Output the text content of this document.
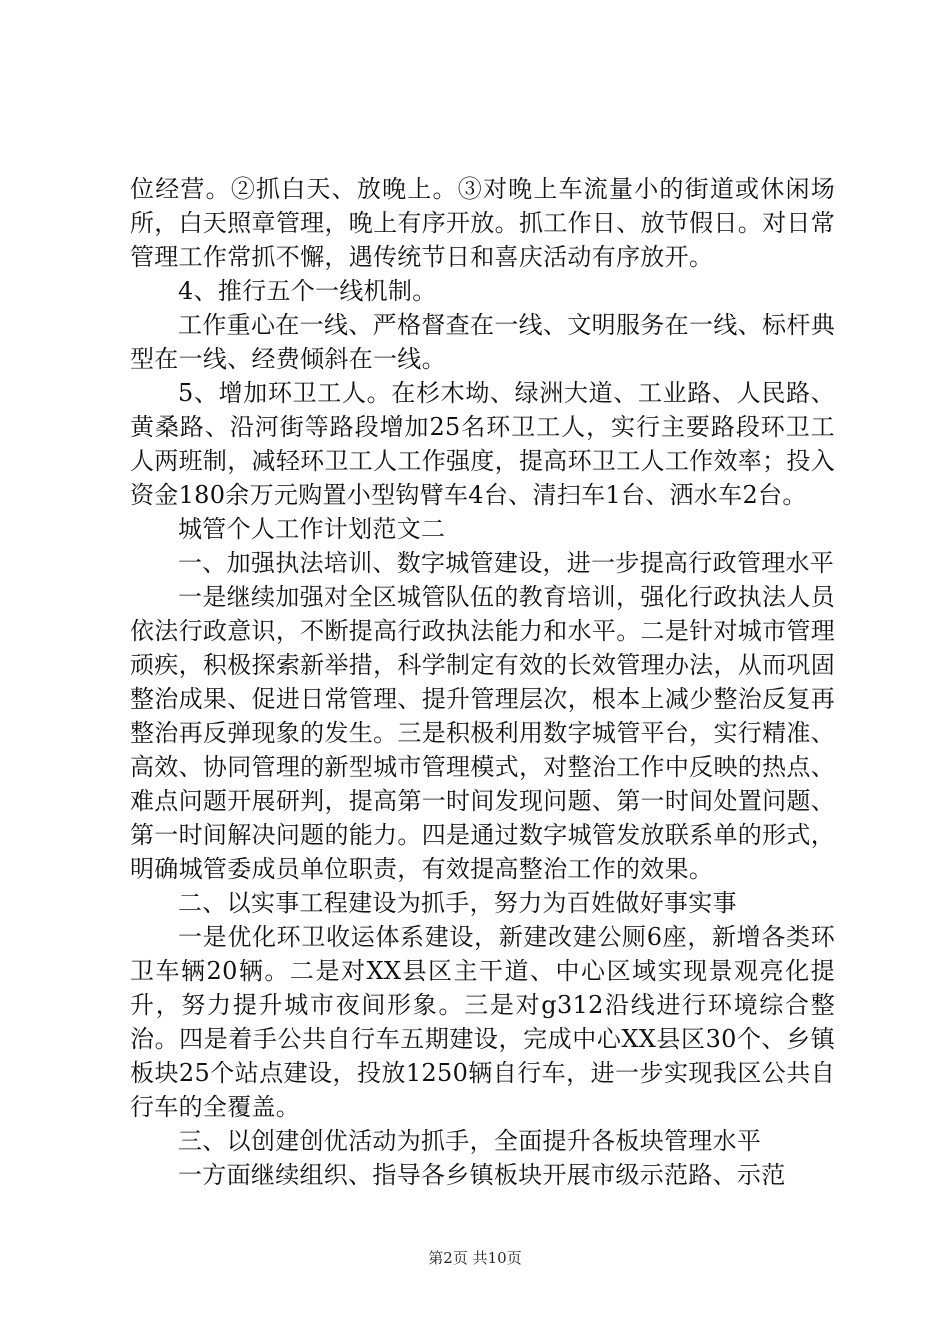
位经营。②抓白天、放晚上。③对晚上车流量小的街道或休闲场所，白天照章管理，晚上有序开放。抓工作日、放节假日。对日常管理工作常抓不懈，遇传统节日和喜庆活动有序放开。

4、推行五个一线机制。

工作重心在一线、严格督查在一线、文明服务在一线、标杆典型在一线、经费倾斜在一线。

5、增加环卫工人。在杉木坳、绿洲大道、工业路、人民路、黄桑路、沿河街等路段增加25名环卫工人，实行主要路段环卫工人两班制，减轻环卫工人工作强度，提高环卫工人工作效率；投入资金180余万元购置小型钩臂车4台、清扫车1台、洒水车2台。

城管个人工作计划范文二

一、加强执法培训、数字城管建设，进一步提高行政管理水平

一是继续加强对全区城管队伍的教育培训，强化行政执法人员依法行政意识，不断提高行政执法能力和水平。二是针对城市管理顽疾，积极探索新举措，科学制定有效的长效管理办法，从而巩固整治成果、促进日常管理、提升管理层次，根本上减少整治反复再整治再反弹现象的发生。三是积极利用数字城管平台，实行精准、高效、协同管理的新型城市管理模式，对整治工作中反映的热点、难点问题开展研判，提高第一时间发现问题、第一时间处置问题、第一时间解决问题的能力。四是通过数字城管发放联系单的形式，明确城管委成员单位职责，有效提高整治工作的效果。

二、以实事工程建设为抓手，努力为百姓做好事实事

一是优化环卫收运体系建设，新建改建公厕6座，新增各类环卫车辆20辆。二是对XX县区主干道、中心区域实现景观亮化提升，努力提升城市夜间形象。三是对g312沿线进行环境综合整治。四是着手公共自行车五期建设，完成中心XX县区30个、乡镇板块25个站点建设，投放1250辆自行车，进一步实现我区公共自行车的全覆盖。

三、以创建创优活动为抓手，全面提升各板块管理水平

一方面继续组织、指导各乡镇板块开展市级示范路、示范

第2页 共10页
